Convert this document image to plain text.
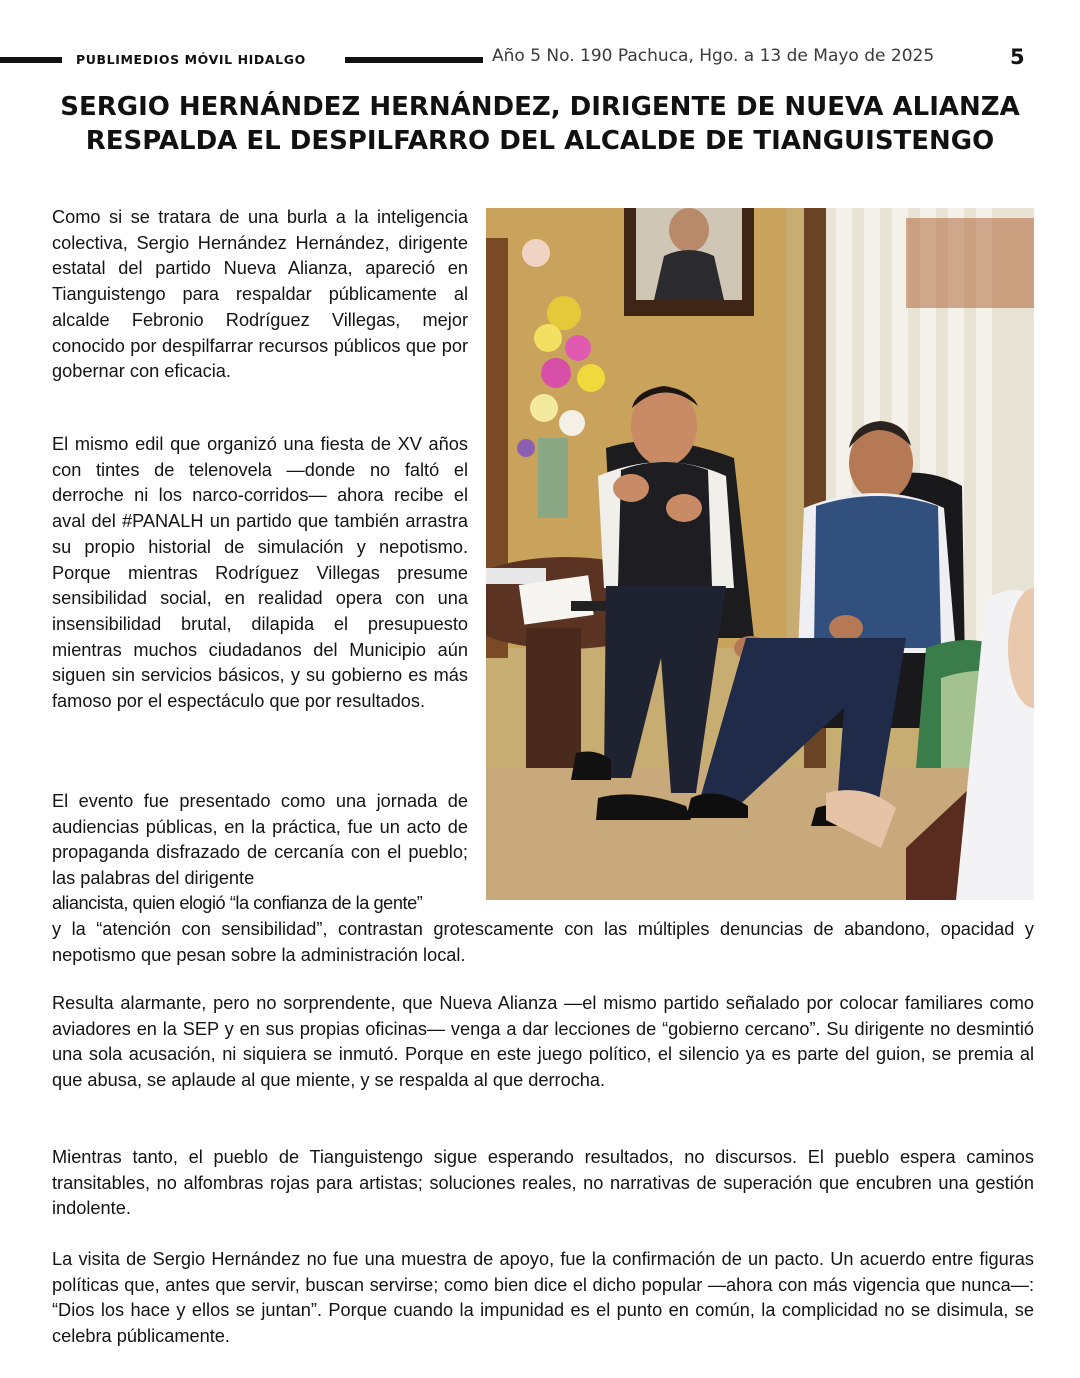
PUBLIMEDIOS MÓVIL HIDALGO	Año 5 No. 190 Pachuca, Hgo. a 13 de Mayo de 2025	5
SERGIO HERNÁNDEZ HERNÁNDEZ, DIRIGENTE DE NUEVA ALIANZA RESPALDA EL DESPILFARRO DEL ALCALDE DE TIANGUISTENGO

Como si se tratara de una burla a la inteligencia colectiva, Sergio Hernández Hernández, dirigente estatal del partido Nueva Alianza, apareció en Tianguistengo para respaldar públicamente al alcalde Febronio Rodríguez Villegas, mejor conocido por despilfarrar recursos públicos que por gobernar con eficacia.

El mismo edil que organizó una fiesta de XV años con tintes de telenovela —donde no faltó el derroche ni los narco-corridos— ahora recibe el aval del #PANALH un partido que también arrastra su propio historial de simulación y nepotismo. Porque mientras Rodríguez Villegas presume sensibilidad social, en realidad opera con una insensibilidad brutal, dilapida el presupuesto mientras muchos ciudadanos del Municipio aún siguen sin servicios básicos, y su gobierno es más famoso por el espectáculo que por resultados.

El evento fue presentado como una jornada de audiencias públicas, en la práctica, fue un acto de propaganda disfrazado de cercanía con el pueblo; las palabras del dirigente

aliancista, quien elogió “la confianza de la gente”

y la “atención con sensibilidad”, contrastan grotescamente con las múltiples denuncias de abandono, opacidad y nepotismo que pesan sobre la administración local.

Resulta alarmante, pero no sorprendente, que Nueva Alianza —el mismo partido señalado por colocar familiares como aviadores en la SEP y en sus propias oficinas— venga a dar lecciones de “gobierno cercano”. Su dirigente no desmintió una sola acusación, ni siquiera se inmutó. Porque en este juego político, el silencio ya es parte del guion, se premia al que abusa, se aplaude al que miente, y se respalda al que derrocha.

Mientras tanto, el pueblo de Tianguistengo sigue esperando resultados, no discursos. El pueblo espera caminos transitables, no alfombras rojas para artistas; soluciones reales, no narrativas de superación que encubren una gestión indolente.

La visita de Sergio Hernández no fue una muestra de apoyo, fue la confirmación de un pacto. Un acuerdo entre figuras políticas que, antes que servir, buscan servirse; como bien dice el dicho popular —ahora con más vigencia que nunca—: “Dios los hace y ellos se juntan”. Porque cuando la impunidad es el punto en común, la complicidad no se disimula, se celebra públicamente.
